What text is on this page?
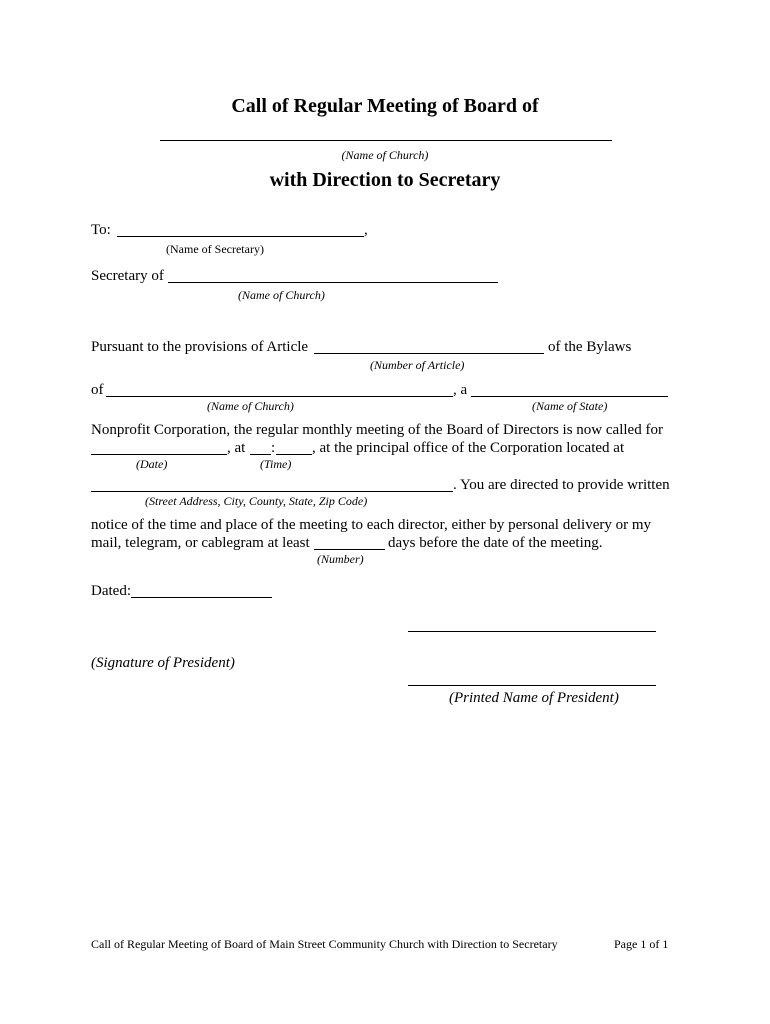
Call of Regular Meeting of Board of
(Name of Church)
with Direction to Secretary
To:	,
(Name of Secretary)
Secretary of
(Name of Church)
Pursuant to the provisions of Article	of the Bylaws
(Number of Article)
of	, a
(Name of Church)	(Name of State)
Nonprofit Corporation, the regular monthly meeting of the Board of Directors is now called for
, at : , at the principal office of the Corporation located at
(Date)	(Time)
. You are directed to provide written
(Street Address, City, County, State, Zip Code)
notice of the time and place of the meeting to each director, either by personal delivery or my
mail, telegram, or cablegram at least	days before the date of the meeting.
(Number)
Dated:
(Signature of President)
(Printed Name of President)
Call of Regular Meeting of Board of Main Street Community Church with Direction to Secretary	Page 1 of 1
